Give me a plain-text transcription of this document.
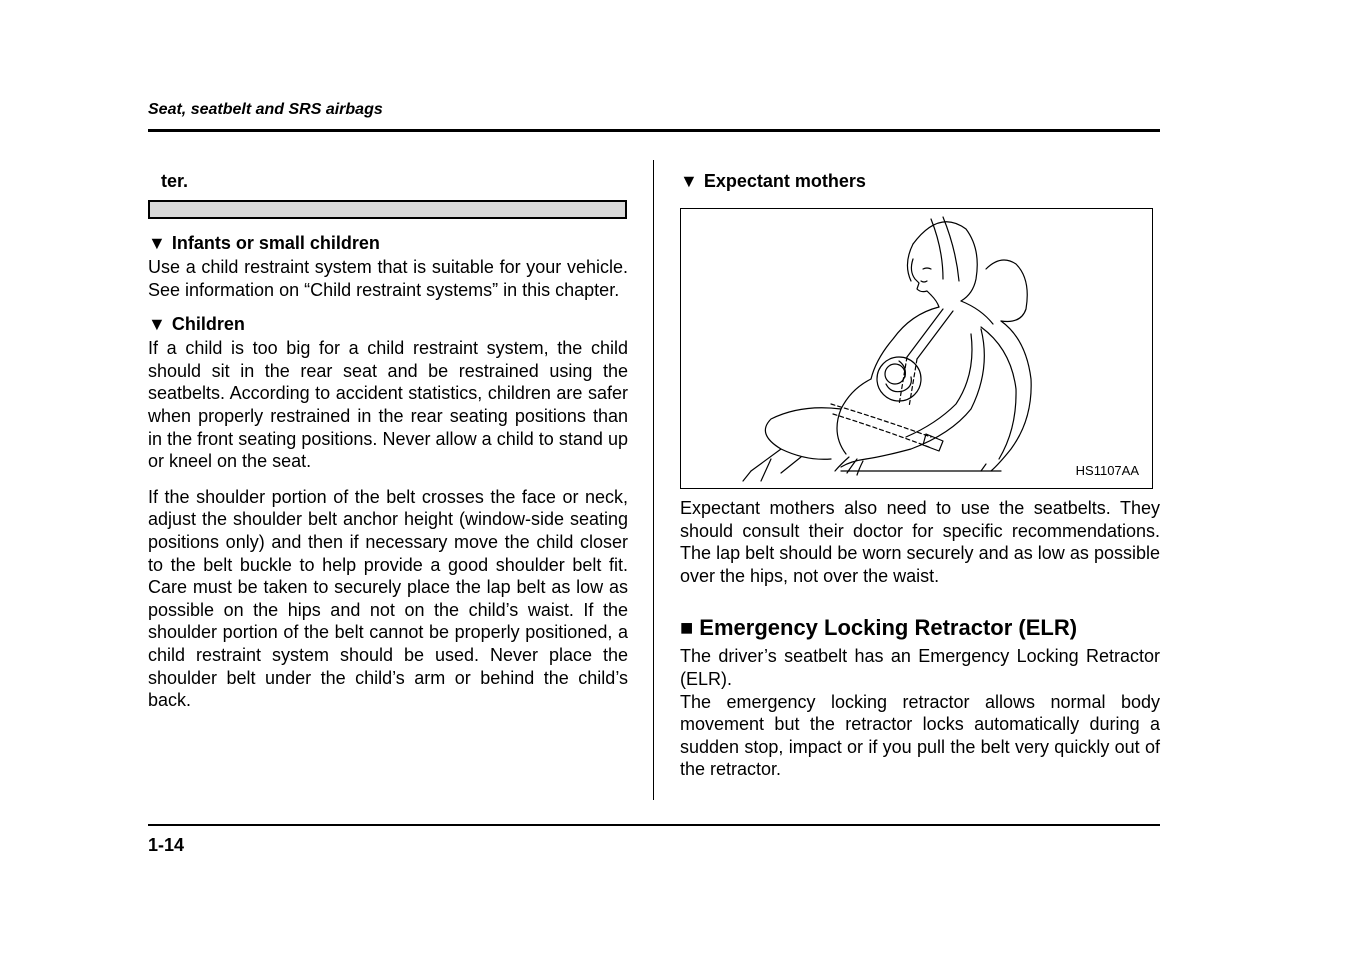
Seat, seatbelt and SRS airbags

ter.

▼ Infants or small children

Use a child restraint system that is suitable for your vehicle. See information on “Child restraint systems” in this chapter.

▼ Children

If a child is too big for a child restraint system, the child should sit in the rear seat and be restrained using the seatbelts. According to accident statistics, children are safer when properly restrained in the rear seating positions than in the front seating positions. Never allow a child to stand up or kneel on the seat.

If the shoulder portion of the belt crosses the face or neck, adjust the shoulder belt anchor height (window-side seating positions only) and then if necessary move the child closer to the belt buckle to help provide a good shoulder belt fit. Care must be taken to securely place the lap belt as low as possible on the hips and not on the child’s waist. If the shoulder portion of the belt cannot be properly positioned, a child restraint system should be used. Never place the shoulder belt under the child’s arm or behind the child’s back.

▼ Expectant mothers

HS1107AA

Expectant mothers also need to use the seatbelts. They should consult their doctor for specific recommendations. The lap belt should be worn securely and as low as possible over the hips, not over the waist.

■ Emergency Locking Retractor (ELR)

The driver’s seatbelt has an Emergency Locking Retractor (ELR).

The emergency locking retractor allows normal body movement but the retractor locks automatically during a sudden stop, impact or if you pull the belt very quickly out of the retractor.

1-14
